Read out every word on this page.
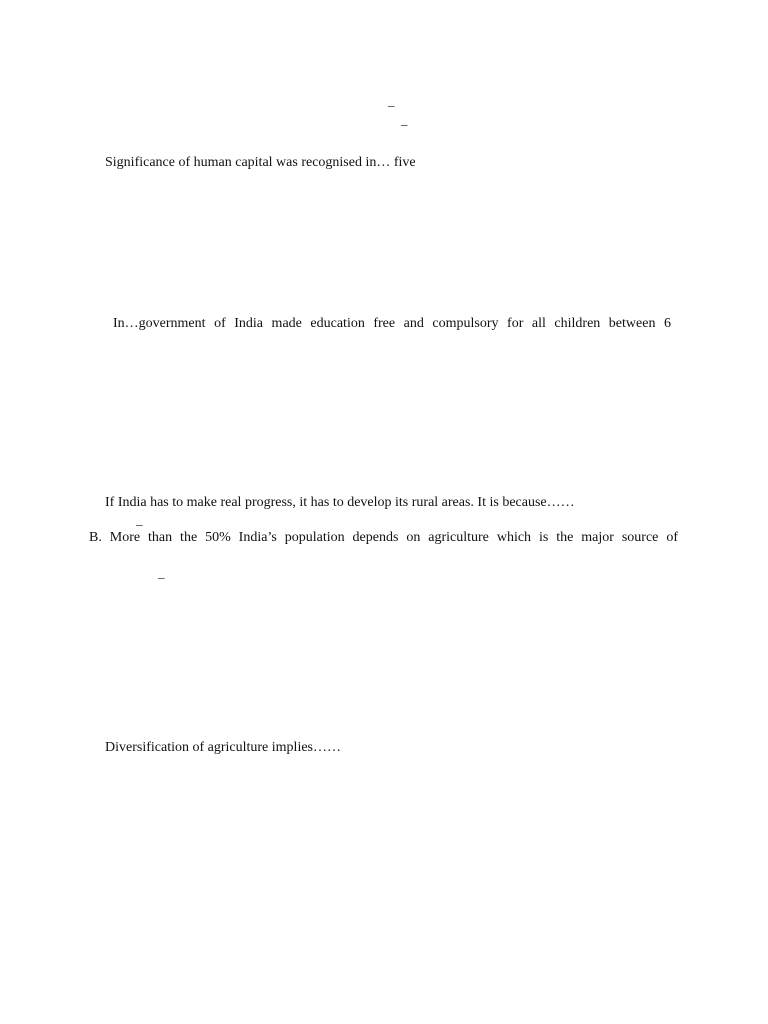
_
_
Significance of human capital was recognised in… five
In…government of India made education free and compulsory for all children between 6
If India has to make real progress, it has to develop its rural areas. It is because……
_
B. More than the 50% India’s population depends on agriculture which is the major source of
_
Diversification of agriculture implies……
